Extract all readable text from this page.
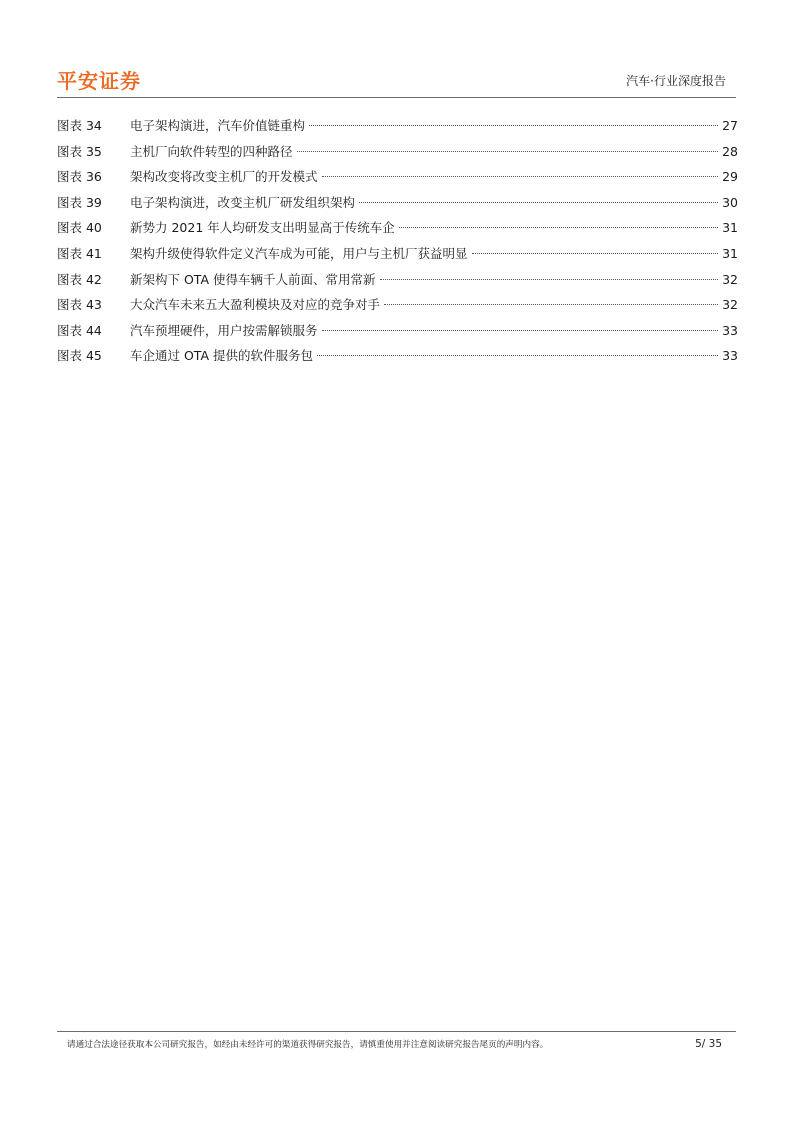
平安证券	汽车·行业深度报告
图表 34	电子架构演进，汽车价值链重构	27
图表 35	主机厂向软件转型的四种路径	28
图表 36	架构改变将改变主机厂的开发模式	29
图表 39	电子架构演进，改变主机厂研发组织架构	30
图表 40	新势力 2021 年人均研发支出明显高于传统车企	31
图表 41	架构升级使得软件定义汽车成为可能，用户与主机厂获益明显	31
图表 42	新架构下 OTA 使得车辆千人前面、常用常新	32
图表 43	大众汽车未来五大盈利模块及对应的竞争对手	32
图表 44	汽车预埋硬件，用户按需解锁服务	33
图表 45	车企通过 OTA 提供的软件服务包	33
请通过合法途径获取本公司研究报告，如经由未经许可的渠道获得研究报告，请慎重使用并注意阅读研究报告尾页的声明内容。	5/ 35
